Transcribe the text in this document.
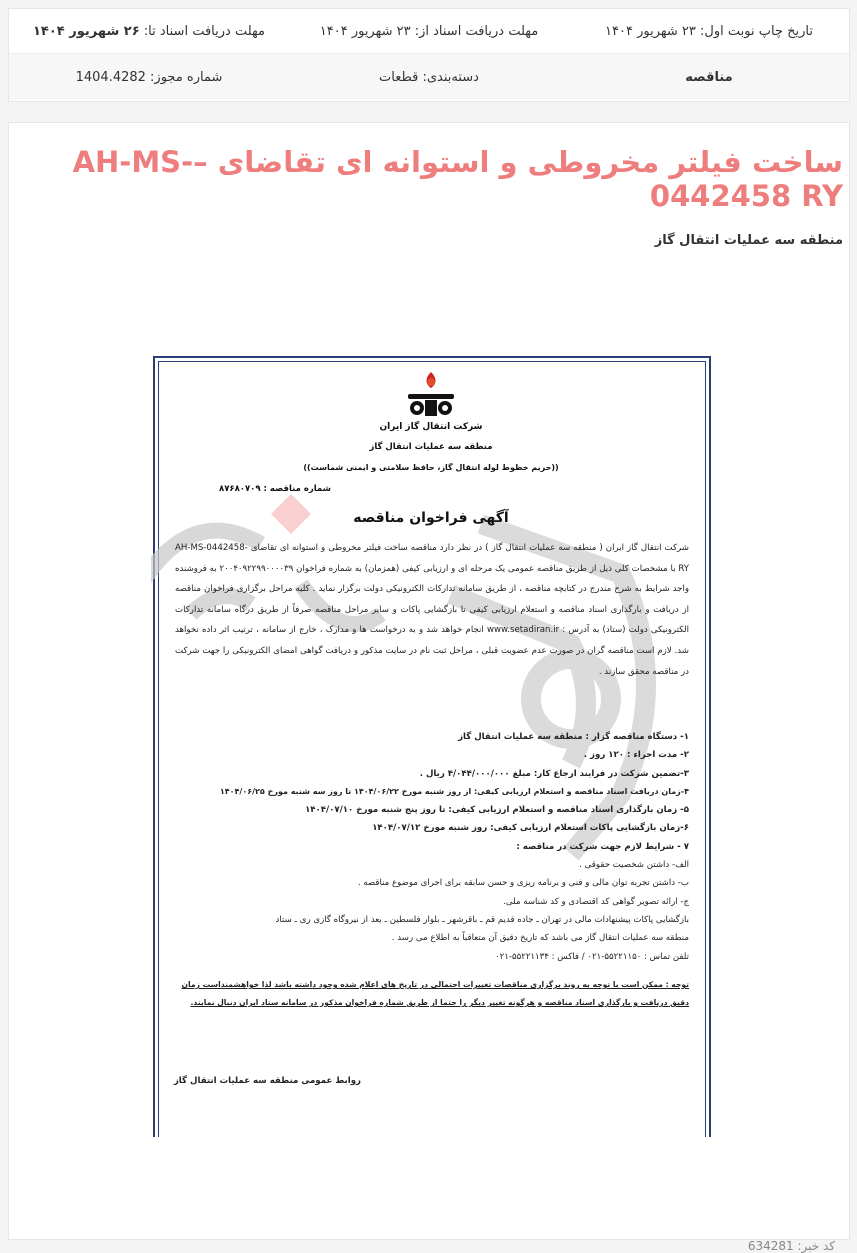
تاریخ چاپ نوبت اول: ۲۳ شهریور ۱۴۰۴
مهلت دریافت اسناد از: ۲۳ شهریور ۱۴۰۴
مهلت دریافت اسناد تا: ۲۶ شهریور ۱۴۰۴
مناقصه
دسته‌بندی: قطعات
شماره مجوز: 1404.4282
ساخت فیلتر مخروطی و استوانه ای تقاضای –AH-MS-0442458 RY
منطقه سه عملیات انتقال گاز
کد خبر: 634281
شرکت انتقال گاز ایران
منطقه سه عملیات انتقال گاز
((حریم خطوط لوله انتقال گاز، حافظ سلامتی و ایمنی شماست))
شماره مناقصه : ۸۷۶۸۰۷۰۹
آگهی فراخوان مناقصه
شرکت انتقال گاز ایران ( منطقه سه عملیات انتقال گاز ) در نظر دارد مناقصه ساخت فیلتر مخروطی و استوانه ای تقاضای AH-MS-0442458-RY با مشخصات کلی ذیل از طریق مناقصه عمومی یک مرحله ای و ارزیابی کیفی (همزمان) به شماره فراخوان ۲۰۰۴۰۹۲۲۹۹۰۰۰۰۳۹ به فروشنده واجد شرایط به شرح مندرج در کتابچه مناقصه ، از طریق سامانه تدارکات الکترونیکی دولت برگزار نماید . کلیه مراحل برگزاری فراخوان مناقصه از دریافت و بارگذاری اسناد مناقصه و استعلام ارزیابی کیفی تا بازگشایی پاکات و سایر مراحل مناقصه صرفاً از طریق درگاه سامانه تدارکات الکترونیکی دولت (ستاد) به آدرس : www.setadiran.ir انجام خواهد شد و به درخواست ها و مدارک ، خارج از سامانه ، ترتیب اثر داده نخواهد شد. لازم است مناقصه گران در صورت عدم عضویت قبلی ، مراحل ثبت نام در سایت مذکور و دریافت گواهی امضای الکترونیکی را جهت شرکت در مناقصه محقق سازند .
۱- دستگاه مناقصه گزار : منطقه سه عملیات انتقال گاز
۲- مدت اجراء : ۱۲۰ روز .
۳-تضمین شرکت در فرایند ارجاع کار: مبلغ ۴/۰۴۴/۰۰۰/۰۰۰ ریال .
۴-زمان دریافت اسناد مناقصه و استعلام ارزیابی کیفی: از روز شنبه مورخ ۱۴۰۴/۰۶/۲۲ تا روز سه شنبه مورخ ۱۴۰۴/۰۶/۲۵
۵- زمان بارگذاری اسناد مناقصه و استعلام ارزیابی کیفی: تا روز پنج شنبه مورخ ۱۴۰۴/۰۷/۱۰
۶-زمان بازگشایی پاکات استعلام ارزیابی کیفی: روز شنبه مورخ ۱۴۰۴/۰۷/۱۲
۷ - شرایط لازم جهت شرکت در مناقصه :
الف- داشتن شخصیت حقوقی .
ب- داشتن تجربه توان مالی و فنی و برنامه ریزی و حسن سابقه برای اجرای موضوع مناقصه .
ج- ارائه تصویر گواهی کد اقتصادی و کد شناسه ملی.
بازگشایی پاکات پیشنهادات مالی در تهران ـ جاده قدیم قم ـ باقرشهر ـ بلوار فلسطین ـ بعد از نیروگاه گازی ری ـ ستاد
منطقه سه عملیات انتقال گاز می باشد که تاریخ دقیق آن متعاقباً به اطلاع می رسد .
تلفن تماس : ۵۵۲۲۱۱۵۰-۰۲۱ / فاکس : ۵۵۲۲۱۱۳۴-۰۲۱
توجه : ممکن است با توجه به روند برگزاری مناقصات تغییرات احتمالی در تاریخ های اعلام شده وجود داشته باشد لذا خواهشمنداست زمان دقیق دریافت و بارگذاری اسناد مناقصه و هرگونه تغییر دیگر را حتما از طریق شماره فراخوان مذکور در سامانه ستاد ایران دنبال نمایند.
روابط عمومی منطقه سه عملیات انتقال گاز
